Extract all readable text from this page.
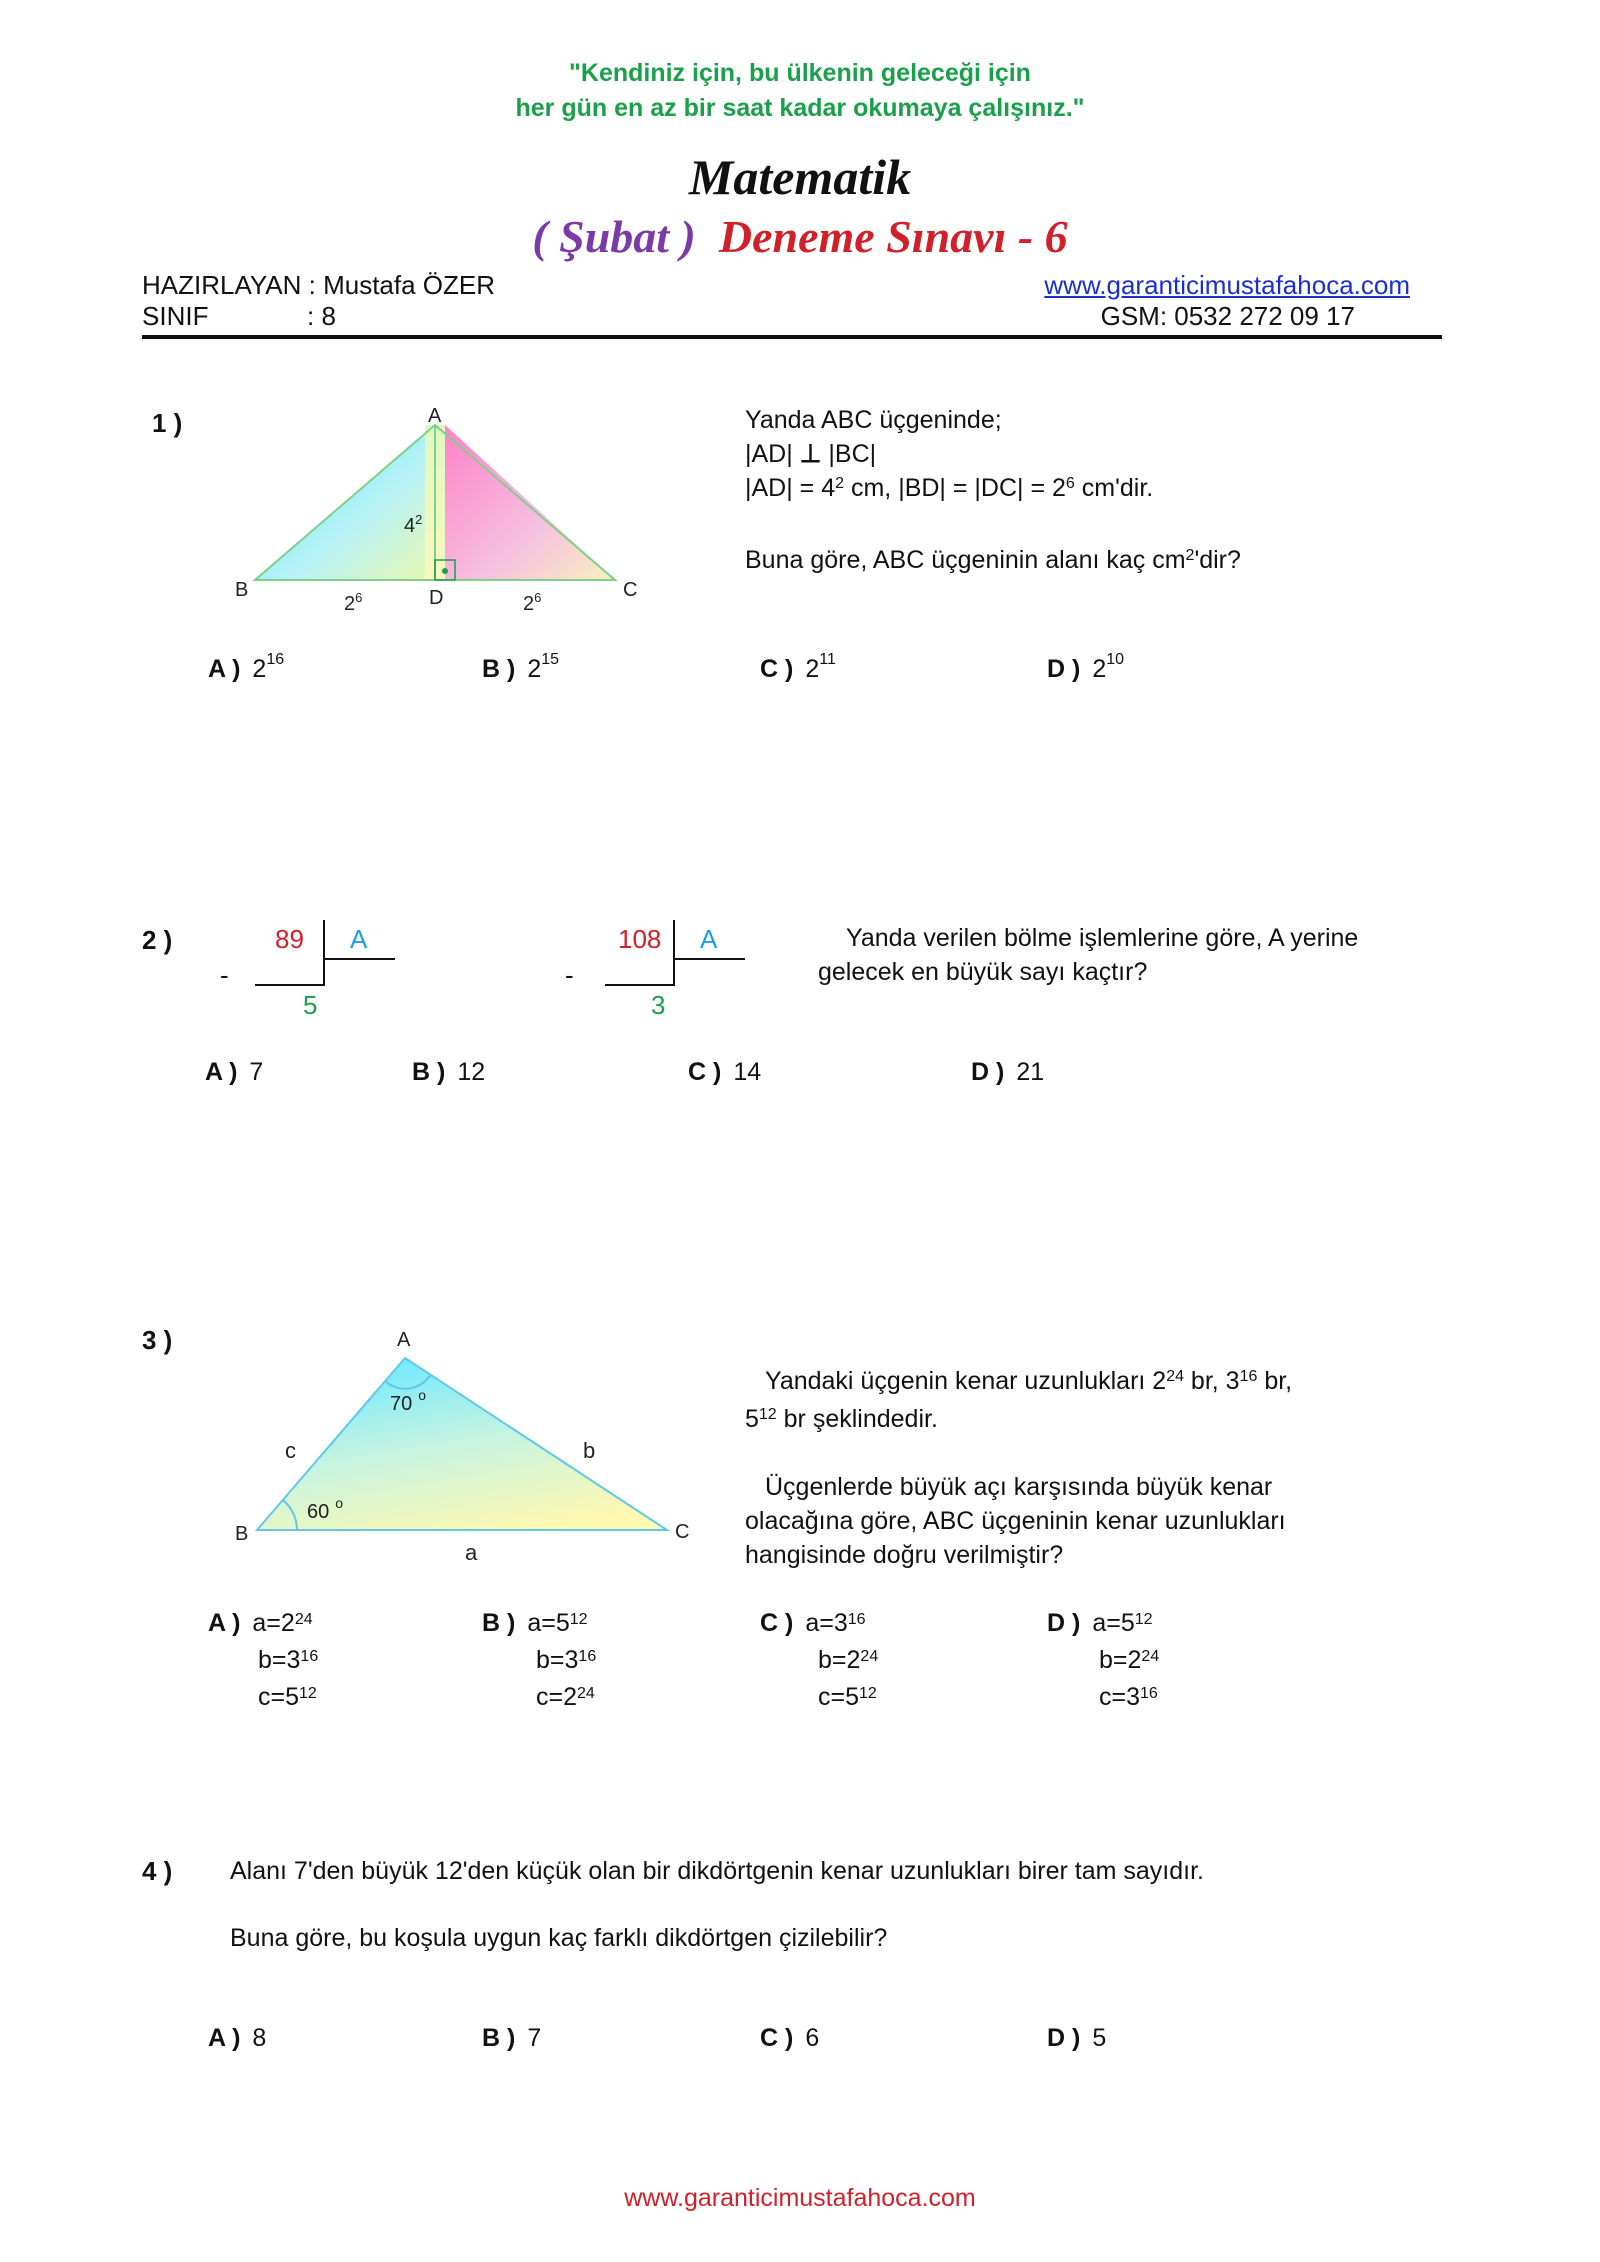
"Kendiniz için, bu ülkenin geleceği için
her gün en az bir saat kadar okumaya çalışınız."
Matematik
( Şubat ) Deneme Sınavı - 6
HAZIRLAYAN : Mustafa ÖZER
SINIF	: 8
www.garanticimustafahoca.com
GSM: 0532 272 09 17
1 )	A
B	C
D
$4^2$
$2^6$	$2^6$
Yanda ABC üçgeninde;
|AD| ⊥ |BC|
$|AD| = 4^2$ cm, $|BD| = |DC| = 2^6$ cm'dir.
Buna göre, ABC üçgeninin alanı kaç $cm^2'dir$?
A ) $2^{16}$	B ) $2^{15}$	C ) $2^{11}$	D ) $2^{10}$
2 )	89 A
-
5
108 A
-
3
Yanda verilen bölme işlemlerine göre, A yerine
gelecek en büyük sayı kaçtır?
A ) 7	B ) 12	C ) 14	D ) 21
3 )	A
B	C
a
b
c
70 $^o$
60 $^o$
Yandaki üçgenin kenar uzunlukları $2^{24}$ br, $3^{16}$ br,
$5^{12}$ br şeklindedir.
Üçgenlerde büyük açı karşısında büyük kenar
olacağına göre, ABC üçgeninin kenar uzunlukları
hangisinde doğru verilmiştir?
A ) $a=2^{24}$
$b=3^{16}$
$c=5^{12}$
B ) $a=5^{12}$
$b=3^{16}$
$c=2^{24}$
C ) $a=3^{16}$
$b=2^{24}$
$c=5^{12}$
D ) $a=5^{12}$
$b=2^{24}$
$c=3^{16}$
4 ) Alanı 7'den büyük 12'den küçük olan bir dikdörtgenin kenar uzunlukları birer tam sayıdır.
Buna göre, bu koşula uygun kaç farklı dikdörtgen çizilebilir?
A ) 8	B ) 7	C ) 6	D ) 5
www.garanticimustafahoca.com
